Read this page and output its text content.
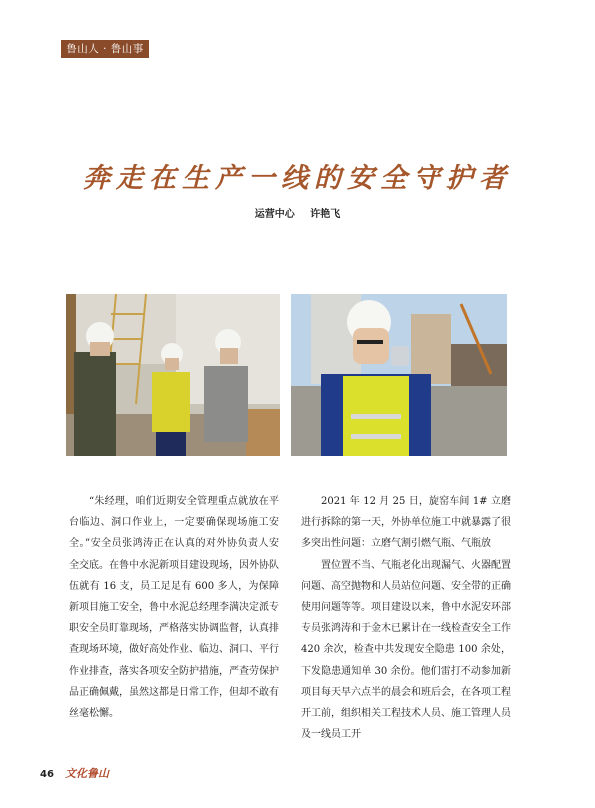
鲁山人 · 鲁山事
奔走在生产一线的安全守护者
运营中心 许艳飞

“朱经理，咱们近期安全管理重点就放在平台临边、洞口作业上，一定要确保现场施工安全。”安全员张鸿涛正在认真的对外协负责人安全交底。在鲁中水泥新项目建设现场，因外协队伍就有 16 支，员工足足有 600 多人，为保障新项目施工安全，鲁中水泥总经理李满决定派专职安全员盯靠现场，严格落实协调监督，认真排查现场环境，做好高处作业、临边、洞口、平行作业排查，落实各项安全防护措施，严查劳保护品正确佩戴，虽然这都是日常工作，但却不敢有丝毫松懈。

2021 年 12 月 25 日，旋窑车间 1# 立磨进行拆除的第一天，外协单位施工中就暴露了很多突出性问题：立磨气割引燃气瓶、气瓶放

置位置不当、气瓶老化出现漏气、火器配置问题、高空抛物和人员站位问题、安全带的正确使用问题等等。项目建设以来，鲁中水泥安环部专员张鸿涛和于金木已累计在一线检查安全工作 420 余次，检查中共发现安全隐患 100 余处，下发隐患通知单 30 余份。他们雷打不动参加新项目每天早六点半的晨会和班后会，在各项工程开工前，组织相关工程技术人员、施工管理人员及一线员工开

46 文化鲁山
